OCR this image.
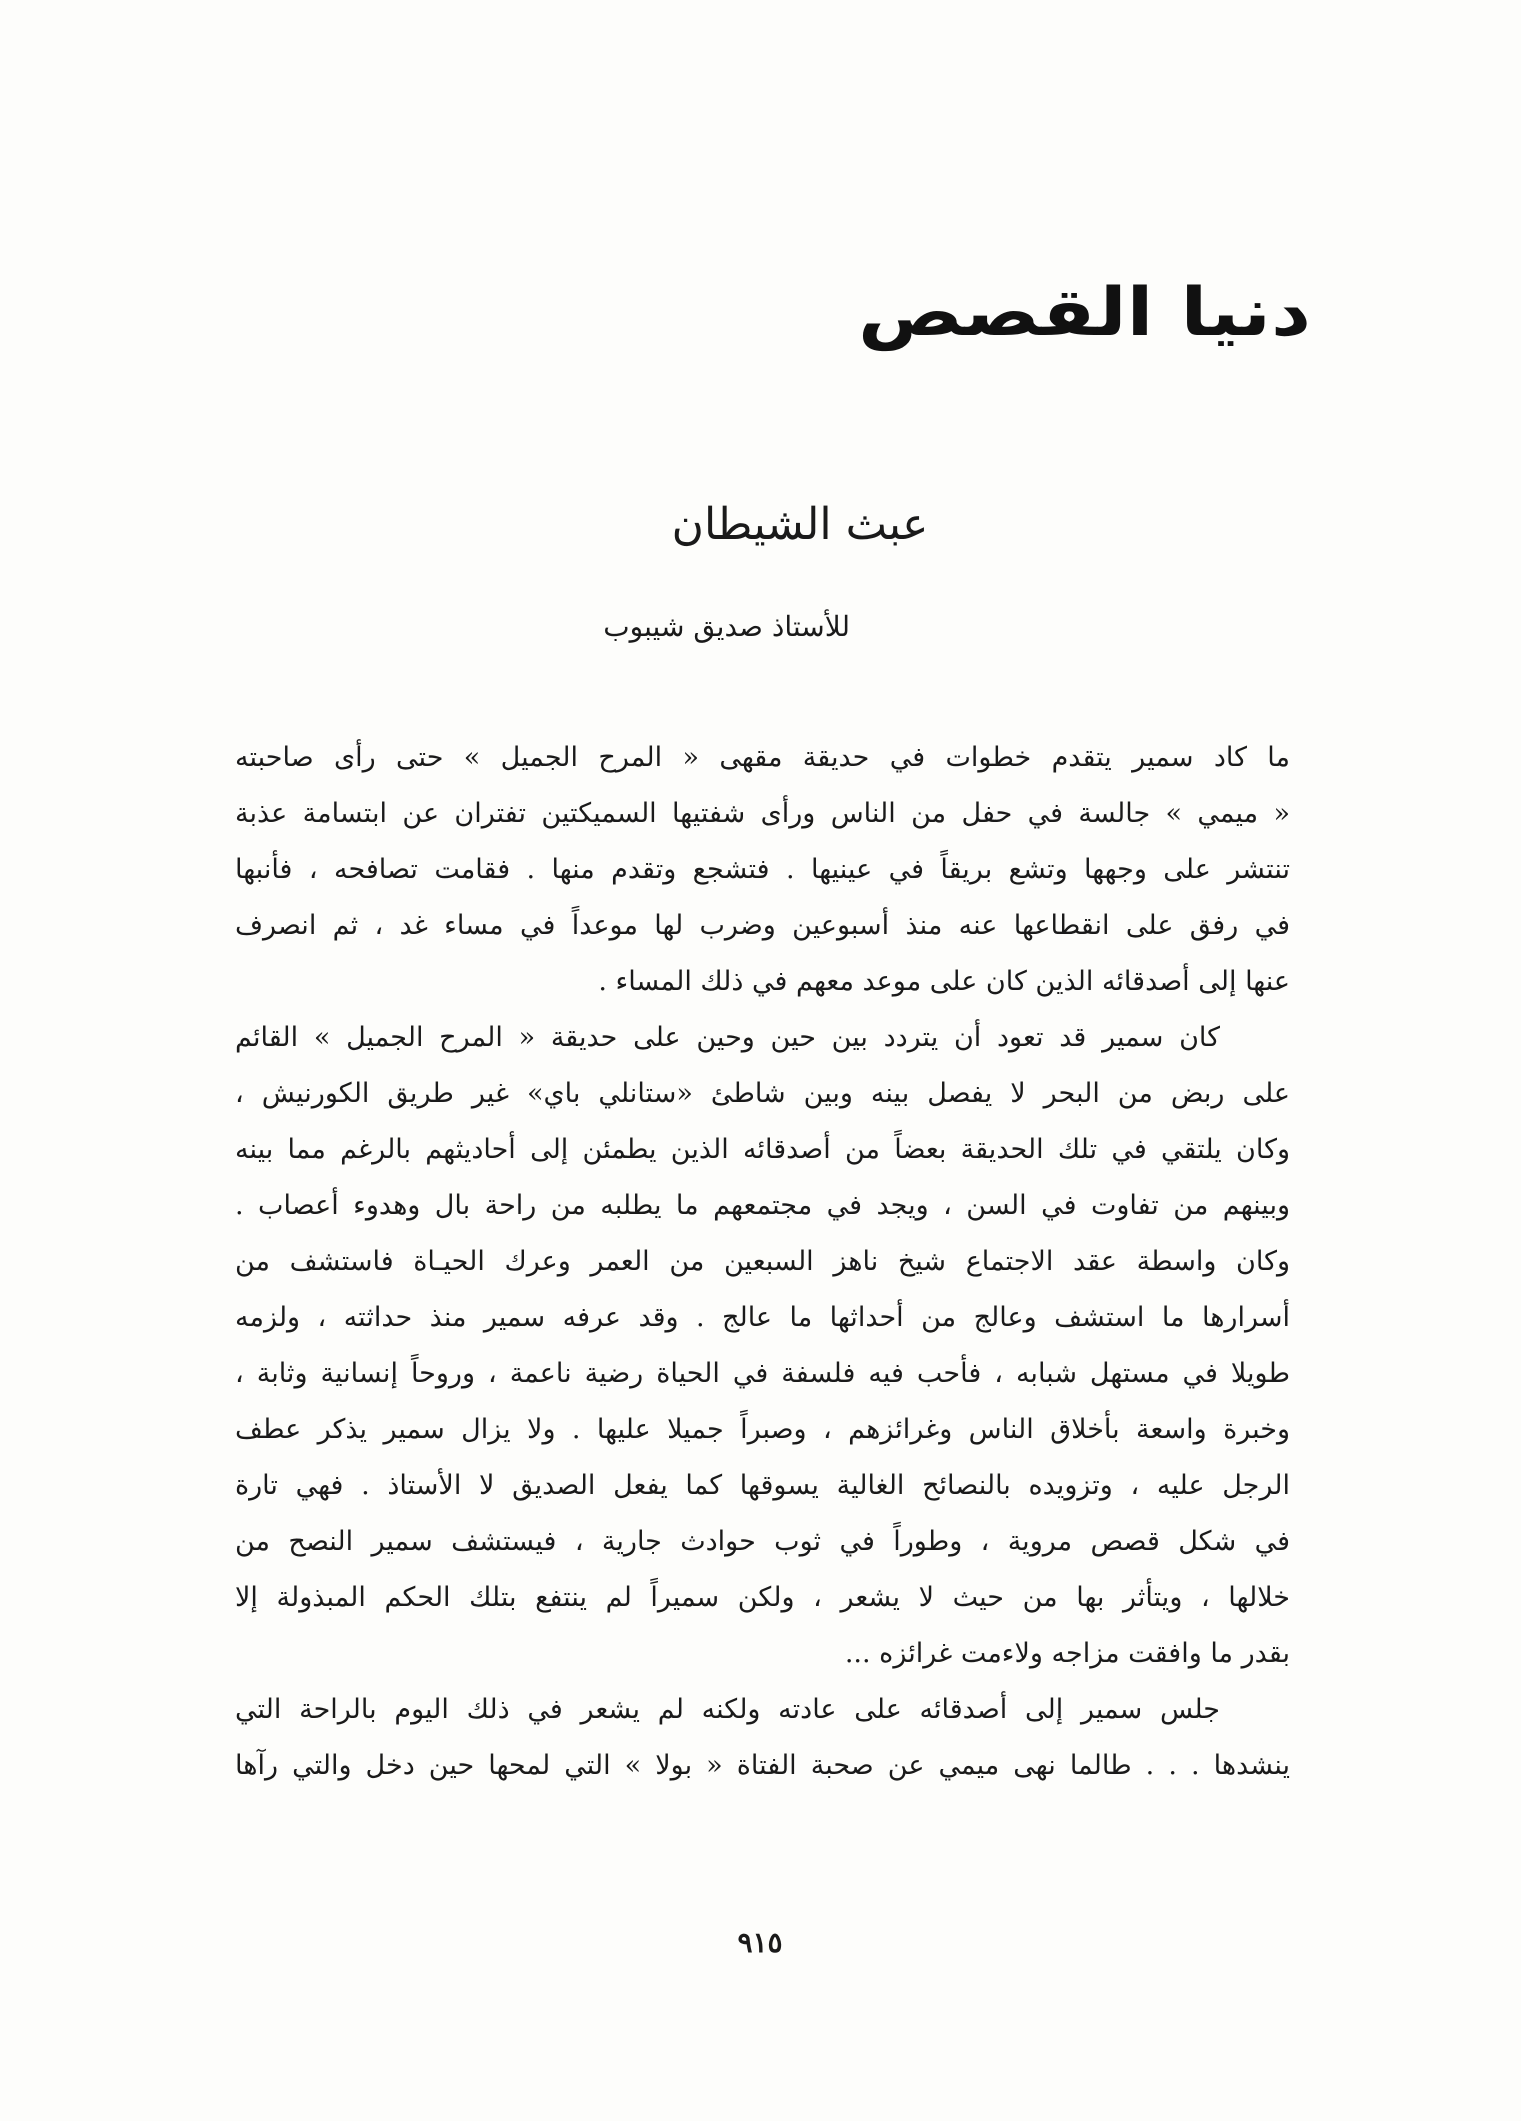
دنيا القصص
عبث الشيطان
للأستاذ صديق شيبوب
ما كاد سمير يتقدم خطوات في حديقة مقهى « المرح الجميل » حتى رأى صاحبته
« ميمي » جالسة في حفل من الناس ورأى شفتيها السميكتين تفتران عن ابتسامة عذبة
تنتشر على وجهها وتشع بريقاً في عينيها . فتشجع وتقدم منها . فقامت تصافحه ، فأنبها
في رفق على انقطاعها عنه منذ أسبوعين وضرب لها موعداً في مساء غد ، ثم انصرف
عنها إلى أصدقائه الذين كان على موعد معهم في ذلك المساء .
كان سمير قد تعود أن يتردد بين حين وحين على حديقة « المرح الجميل » القائم
على ربض من البحر لا يفصل بينه وبين شاطئ «ستانلي باي» غير طريق الكورنيش ،
وكان يلتقي في تلك الحديقة بعضاً من أصدقائه الذين يطمئن إلى أحاديثهم بالرغم مما بينه
وبينهم من تفاوت في السن ، ويجد في مجتمعهم ما يطلبه من راحة بال وهدوء أعصاب .
وكان واسطة عقد الاجتماع شيخ ناهز السبعين من العمر وعرك الحيـاة فاستشف من
أسرارها ما استشف وعالج من أحداثها ما عالج . وقد عرفه سمير منذ حداثته ، ولزمه
طويلا في مستهل شبابه ، فأحب فيه فلسفة في الحياة رضية ناعمة ، وروحاً إنسانية وثابة ،
وخبرة واسعة بأخلاق الناس وغرائزهم ، وصبراً جميلا عليها . ولا يزال سمير يذكر عطف
الرجل عليه ، وتزويده بالنصائح الغالية يسوقها كما يفعل الصديق لا الأستاذ . فهي تارة
في شكل قصص مروية ، وطوراً في ثوب حوادث جارية ، فيستشف سمير النصح من
خلالها ، ويتأثر بها من حيث لا يشعر ، ولكن سميراً لم ينتفع بتلك الحكم المبذولة إلا
بقدر ما وافقت مزاجه ولاءمت غرائزه ...
جلس سمير إلى أصدقائه على عادته ولكنه لم يشعر في ذلك اليوم بالراحة التي
ينشدها . . . طالما نهى ميمي عن صحبة الفتاة « بولا » التي لمحها حين دخل والتي رآها
٩١٥
